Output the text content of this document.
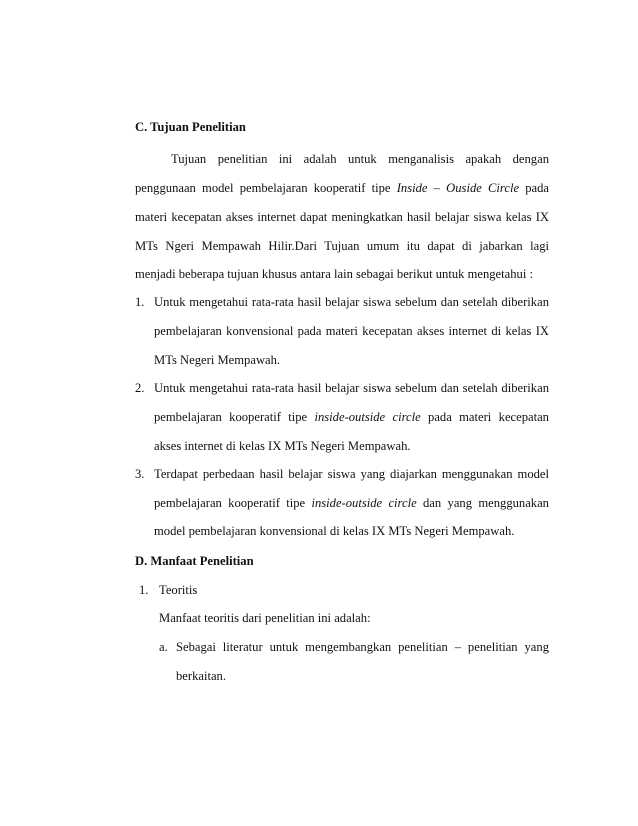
C. Tujuan Penelitian
Tujuan penelitian ini adalah untuk menganalisis apakah dengan
penggunaan model pembelajaran kooperatif tipe Inside – Ouside Circle pada
materi kecepatan akses internet dapat meningkatkan hasil belajar siswa kelas IX
MTs Ngeri Mempawah Hilir.Dari Tujuan umum itu dapat di jabarkan lagi
menjadi beberapa tujuan khusus antara lain sebagai berikut untuk mengetahui :
1. Untuk mengetahui rata-rata hasil belajar siswa sebelum dan setelah diberikan
pembelajaran konvensional pada materi kecepatan akses internet di kelas IX
MTs Negeri Mempawah.
2. Untuk mengetahui rata-rata hasil belajar siswa sebelum dan setelah diberikan
pembelajaran kooperatif tipe inside-outside circle pada materi kecepatan
akses internet di kelas IX MTs Negeri Mempawah.
3. Terdapat perbedaan hasil belajar siswa yang diajarkan menggunakan model
pembelajaran kooperatif tipe inside-outside circle dan yang menggunakan
model pembelajaran konvensional di kelas IX MTs Negeri Mempawah.
D. Manfaat Penelitian
1. Teoritis
Manfaat teoritis dari penelitian ini adalah:
a. Sebagai literatur untuk mengembangkan penelitian – penelitian yang
berkaitan.
